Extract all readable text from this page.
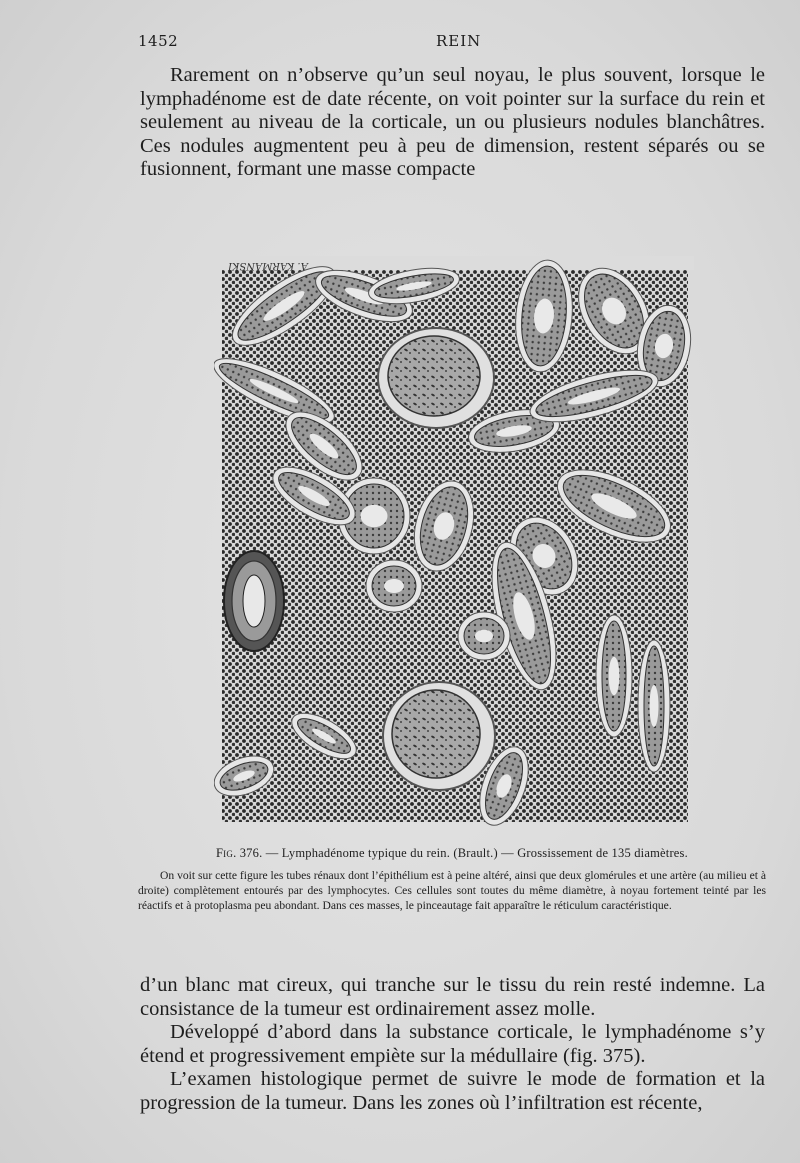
1452	REIN

Rarement on n’observe qu’un seul noyau, le plus souvent, lorsque le lymphadénome est de date récente, on voit pointer sur la surface du rein et seulement au niveau de la corticale, un ou plusieurs nodules blanchâtres. Ces nodules augmentent peu à peu de dimension, restent séparés ou se fusionnent, formant une masse compacte

A. KARMANSKI

Fig. 376. — Lymphadénome typique du rein. (Brault.) — Grossissement de 135 diamètres.

On voit sur cette figure les tubes rénaux dont l’épithélium est à peine altéré, ainsi que deux glomérules et une artère (au milieu et à droite) complètement entourés par des lymphocytes. Ces cellules sont toutes du même diamètre, à noyau fortement teinté par les réactifs et à protoplasma peu abondant. Dans ces masses, le pinceautage fait apparaître le réticulum caractéristique.

d’un blanc mat cireux, qui tranche sur le tissu du rein resté indemne. La consistance de la tumeur est ordinairement assez molle.

Développé d’abord dans la substance corticale, le lymphadénome s’y étend et progressivement empiète sur la médullaire (fig. 375).

L’examen histologique permet de suivre le mode de formation et la progression de la tumeur. Dans les zones où l’infiltration est récente,
